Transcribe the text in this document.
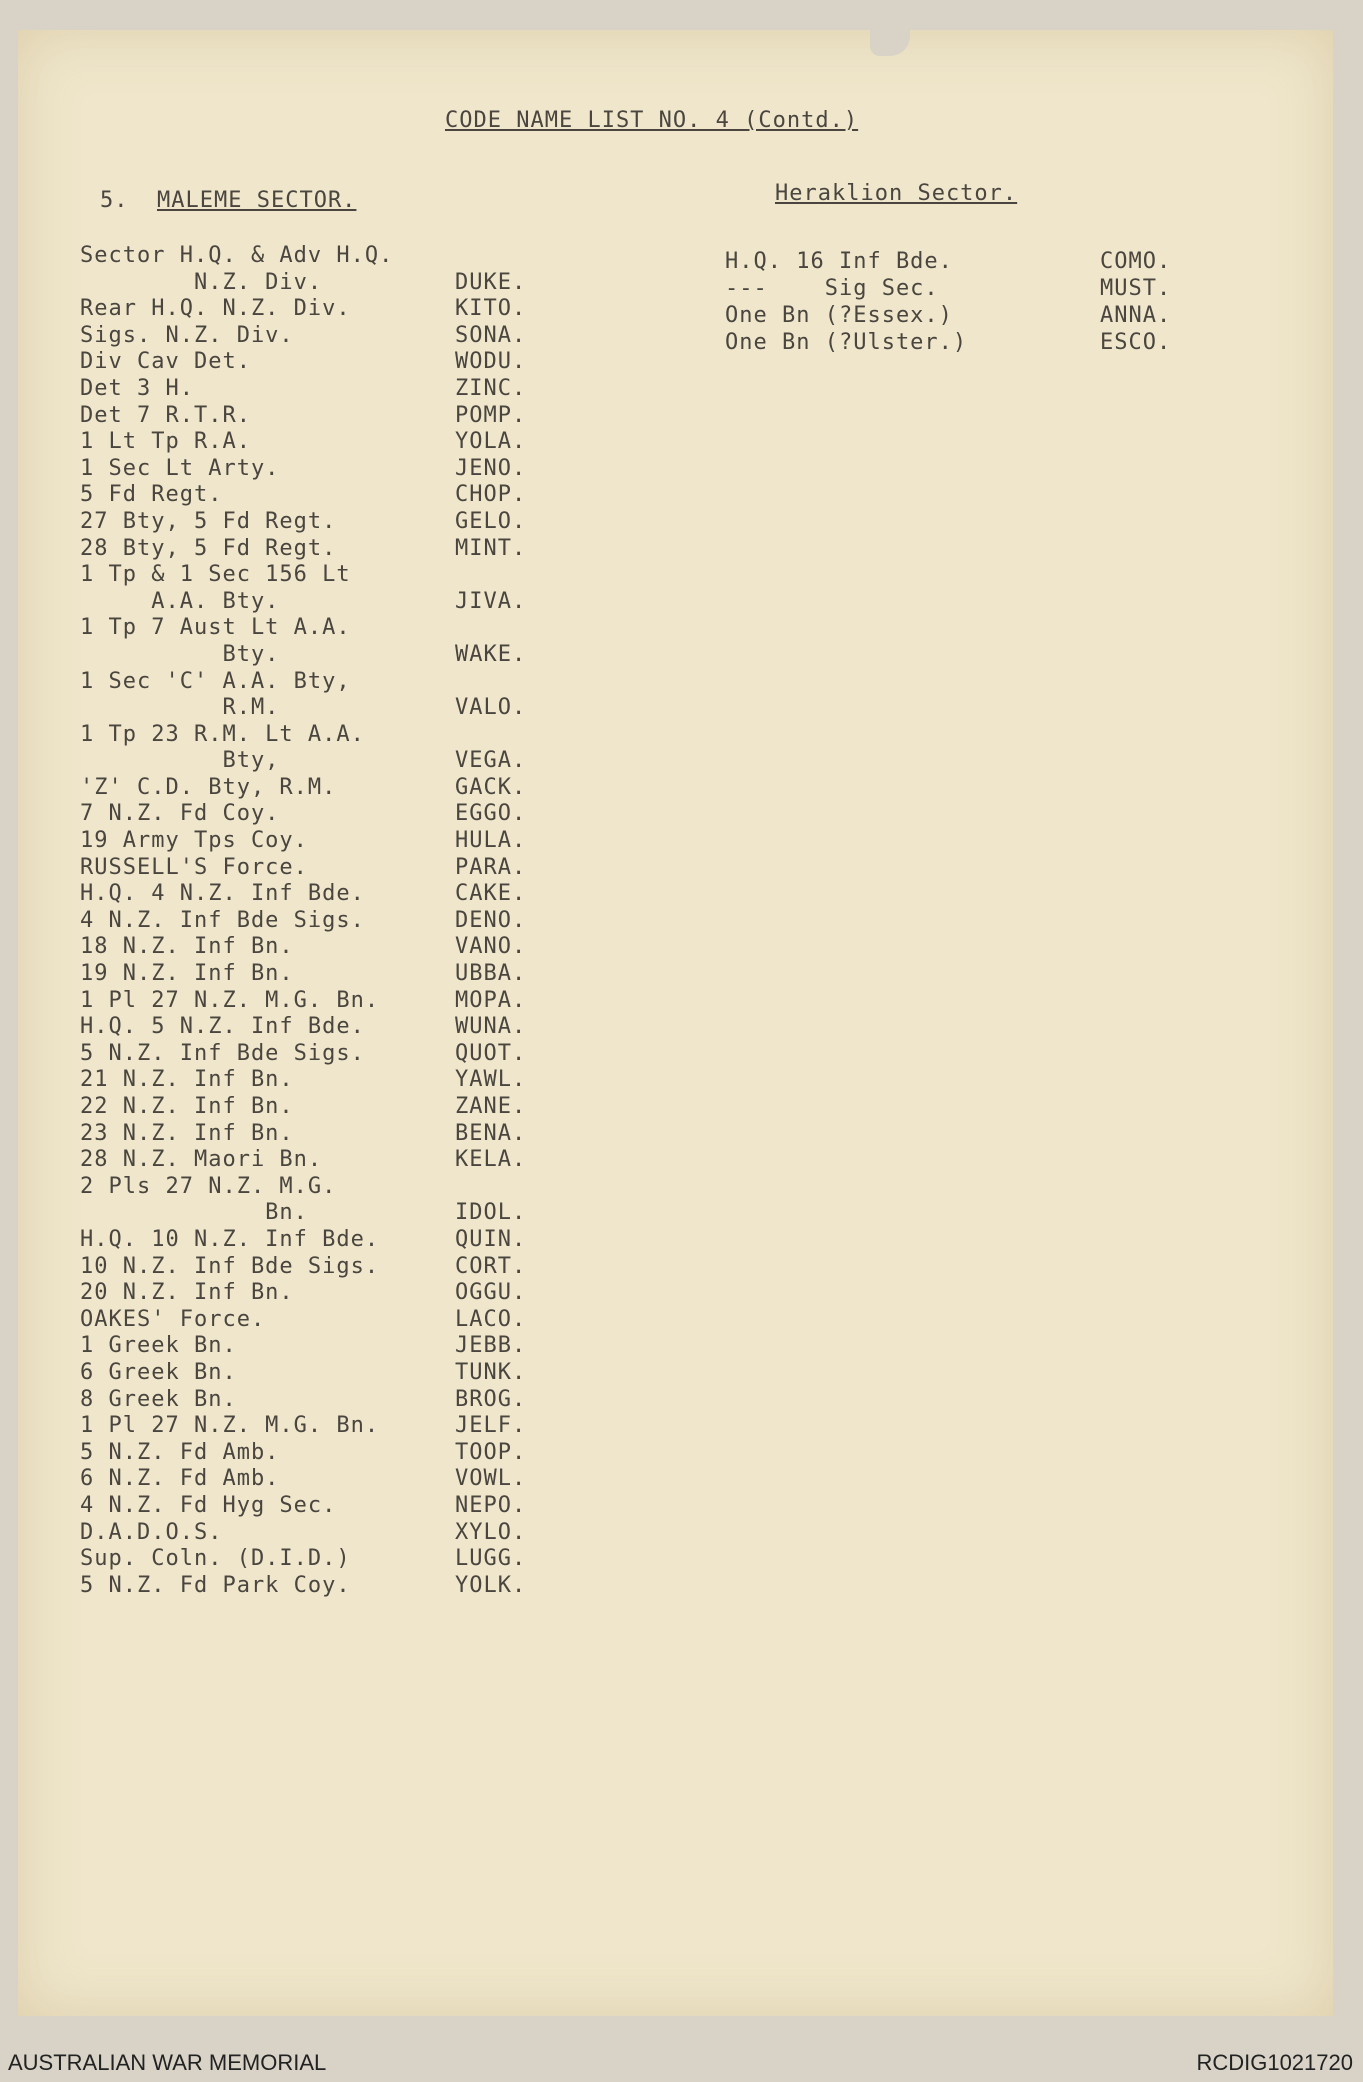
CODE NAME LIST NO. 4 (Contd.)
5. MALEME SECTOR.	Heraklion Sector.
Sector H.Q. & Adv H.Q.
N.Z. Div.	DUKE.
Rear H.Q. N.Z. Div.	KITO.
Sigs. N.Z. Div.	SONA.
Div Cav Det.	WODU.
Det 3 H.	ZINC.
Det 7 R.T.R.	POMP.
1 Lt Tp R.A.	YOLA.
1 Sec Lt Arty.	JENO.
5 Fd Regt.	CHOP.
27 Bty, 5 Fd Regt.	GELO.
28 Bty, 5 Fd Regt.	MINT.
1 Tp & 1 Sec 156 Lt
A.A. Bty.	JIVA.
1 Tp 7 Aust Lt A.A.
Bty.	WAKE.
1 Sec 'C' A.A. Bty,
R.M.	VALO.
1 Tp 23 R.M. Lt A.A.
Bty,	VEGA.
'Z' C.D. Bty, R.M.	GACK.
7 N.Z. Fd Coy.	EGGO.
19 Army Tps Coy.	HULA.
RUSSELL'S Force.	PARA.
H.Q. 4 N.Z. Inf Bde.	CAKE.
4 N.Z. Inf Bde Sigs.	DENO.
18 N.Z. Inf Bn.	VANO.
19 N.Z. Inf Bn.	UBBA.
1 Pl 27 N.Z. M.G. Bn.	MOPA.
H.Q. 5 N.Z. Inf Bde.	WUNA.
5 N.Z. Inf Bde Sigs.	QUOT.
21 N.Z. Inf Bn.	YAWL.
22 N.Z. Inf Bn.	ZANE.
23 N.Z. Inf Bn.	BENA.
28 N.Z. Maori Bn.	KELA.
2 Pls 27 N.Z. M.G.
Bn.	IDOL.
H.Q. 10 N.Z. Inf Bde.	QUIN.
10 N.Z. Inf Bde Sigs.	CORT.
20 N.Z. Inf Bn.	OGGU.
OAKES' Force.	LACO.
1 Greek Bn.	JEBB.
6 Greek Bn.	TUNK.
8 Greek Bn.	BROG.
1 Pl 27 N.Z. M.G. Bn.	JELF.
5 N.Z. Fd Amb.	TOOP.
6 N.Z. Fd Amb.	VOWL.
4 N.Z. Fd Hyg Sec.	NEPO.
D.A.D.O.S.	XYLO.
Sup. Coln. (D.I.D.)	LUGG.
5 N.Z. Fd Park Coy.	YOLK.
H.Q. 16 Inf Bde.	COMO.
---    Sig Sec.	MUST.
One Bn (?Essex.)	ANNA.
One Bn (?Ulster.)	ESCO.
AUSTRALIAN WAR MEMORIAL	RCDIG1021720
